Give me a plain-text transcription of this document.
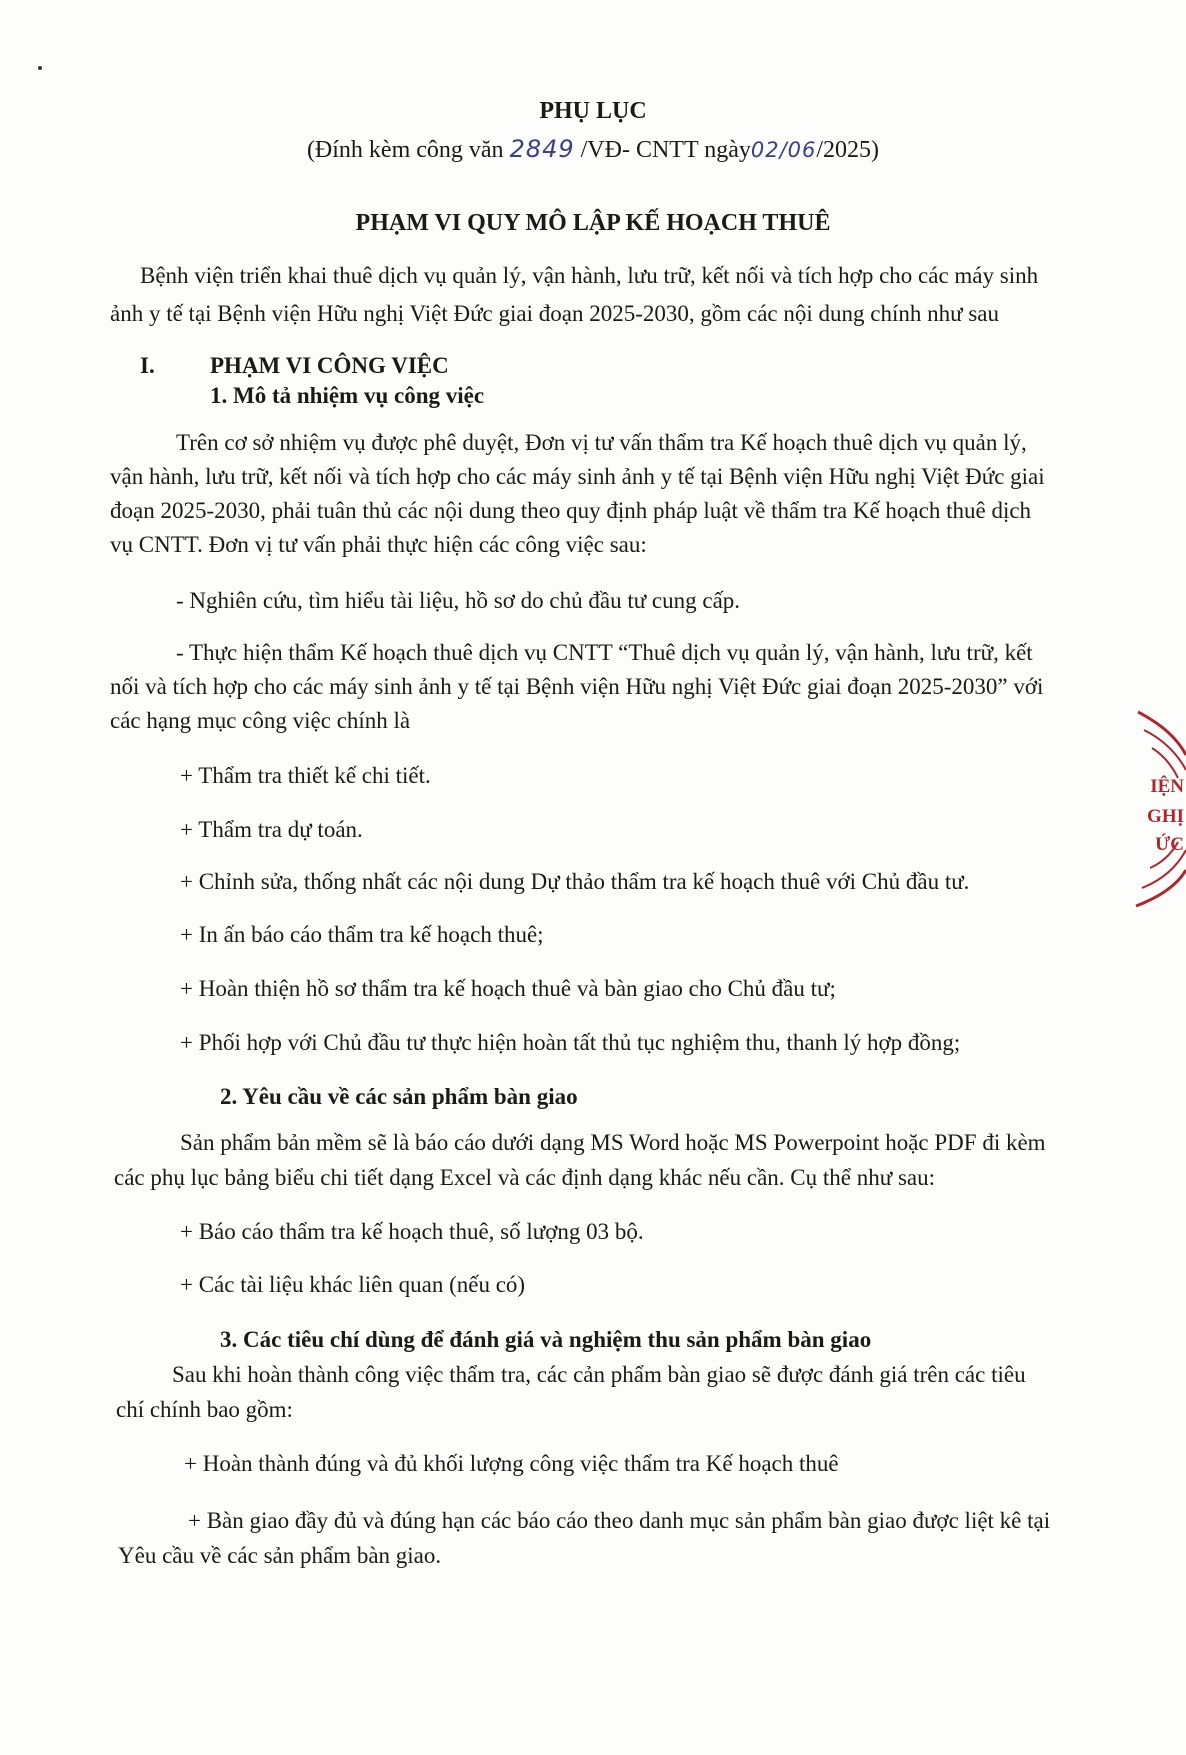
PHỤ LỤC
(Đính kèm công văn 2849 /VĐ- CNTT ngày02/06/2025)
PHẠM VI QUY MÔ LẬP KẾ HOẠCH THUÊ
Bệnh viện triển khai thuê dịch vụ quản lý, vận hành, lưu trữ, kết nối và tích hợp cho các máy sinh
ảnh y tế tại Bệnh viện Hữu nghị Việt Đức giai đoạn 2025-2030, gồm các nội dung chính như sau
I. PHẠM VI CÔNG VIỆC
1. Mô tả nhiệm vụ công việc
Trên cơ sở nhiệm vụ được phê duyệt, Đơn vị tư vấn thẩm tra Kế hoạch thuê dịch vụ quản lý,
vận hành, lưu trữ, kết nối và tích hợp cho các máy sinh ảnh y tế tại Bệnh viện Hữu nghị Việt Đức giai
đoạn 2025-2030, phải tuân thủ các nội dung theo quy định pháp luật về thẩm tra Kế hoạch thuê dịch
vụ CNTT. Đơn vị tư vấn phải thực hiện các công việc sau:
- Nghiên cứu, tìm hiểu tài liệu, hồ sơ do chủ đầu tư cung cấp.
- Thực hiện thẩm Kế hoạch thuê dịch vụ CNTT “Thuê dịch vụ quản lý, vận hành, lưu trữ, kết
nối và tích hợp cho các máy sinh ảnh y tế tại Bệnh viện Hữu nghị Việt Đức giai đoạn 2025-2030” với
các hạng mục công việc chính là
+ Thẩm tra thiết kế chi tiết.
+ Thẩm tra dự toán.
+ Chỉnh sửa, thống nhất các nội dung Dự thảo thẩm tra kế hoạch thuê với Chủ đầu tư.
+ In ấn báo cáo thẩm tra kế hoạch thuê;
+ Hoàn thiện hồ sơ thẩm tra kế hoạch thuê và bàn giao cho Chủ đầu tư;
+ Phối hợp với Chủ đầu tư thực hiện hoàn tất thủ tục nghiệm thu, thanh lý hợp đồng;
2. Yêu cầu về các sản phẩm bàn giao
Sản phẩm bản mềm sẽ là báo cáo dưới dạng MS Word hoặc MS Powerpoint hoặc PDF đi kèm
các phụ lục bảng biểu chi tiết dạng Excel và các định dạng khác nếu cần. Cụ thể như sau:
+ Báo cáo thẩm tra kế hoạch thuê, số lượng 03 bộ.
+ Các tài liệu khác liên quan (nếu có)
3. Các tiêu chí dùng để đánh giá và nghiệm thu sản phẩm bàn giao
Sau khi hoàn thành công việc thẩm tra, các cản phẩm bàn giao sẽ được đánh giá trên các tiêu
chí chính bao gồm:
+ Hoàn thành đúng và đủ khối lượng công việc thẩm tra Kế hoạch thuê
+ Bàn giao đầy đủ và đúng hạn các báo cáo theo danh mục sản phẩm bàn giao được liệt kê tại
Yêu cầu về các sản phẩm bàn giao.
IỆN
GHỊ
ỨC
